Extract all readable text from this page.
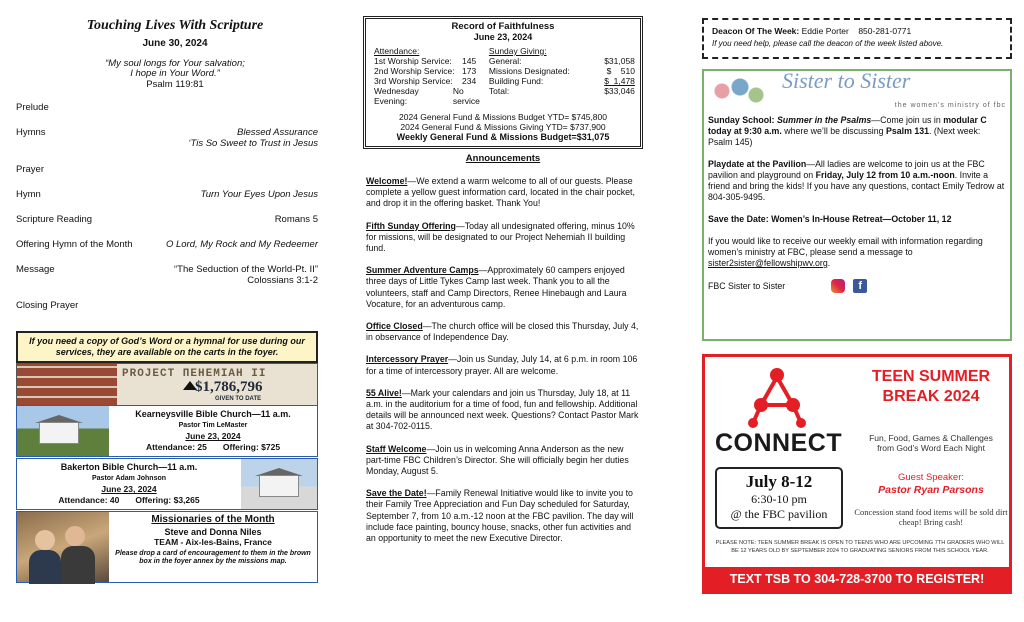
Touching Lives With Scripture
June 30, 2024
“My soul longs for Your salvation;
I hope in Your Word.”
Psalm 119:81
Prelude
Hymns	Blessed Assurance
‘Tis So Sweet to Trust in Jesus
Prayer
Hymn	Turn Your Eyes Upon Jesus
Scripture Reading	Romans 5
Offering Hymn of the Month	O Lord, My Rock and My Redeemer
Message	“The Seduction of the World-Pt. II”
Colossians 3:1-2
Closing Prayer
If you need a copy of God’s Word or a hymnal for use during our services, they are available on the carts in the foyer.
PROJECT ΠΕΗΕMIAH II
$1,786,796
GIVEN TO DATE
Kearneysville Bible Church—11 a.m.
Pastor Tim LeMaster
June 23, 2024
Attendance: 25 Offering: $725
Bakerton Bible Church—11 a.m.
Pastor Adam Johnson
June 23, 2024
Attendance: 40 Offering: $3,265
Missionaries of the Month
Steve and Donna Niles
TEAM - Aix-les-Bains, France
Please drop a card of encouragement to them in the brown box in the foyer annex by the missions map.
Record of Faithfulness
June 23, 2024
Attendance:
1st Worship Service:	145
2nd Worship Service: 173
3rd Worship Service:	234
Wednesday Evening:
No service
Sunday Giving:
General:	$31,058
Missions Designated:	$    510
Building Fund:	$  1,478
Total:	$33,046
2024 General Fund & Missions Budget YTD= $745,800
2024 General Fund & Missions Giving YTD= $737,900
Weekly General Fund & Missions Budget=$31,075
Announcements
Welcome!—We extend a warm welcome to all of our guests. Please complete a yellow guest information card, located in the chair pocket, and drop it in the offering basket. Thank You!
Fifth Sunday Offering—Today all undesignated offering, minus 10% for missions, will be designated to our Project Nehemiah II building fund.
Summer Adventure Camps—Approximately 60 campers enjoyed three days of Little Tykes Camp last week. Thank you to all the volunteers, staff and Camp Directors, Renee Hinebaugh and Laura Vocature, for an adventurous camp.
Office Closed—The church office will be closed this Thursday, July 4, in observance of Independence Day.
Intercessory Prayer—Join us Sunday, July 14, at 6 p.m. in room 106 for a time of intercessory prayer. All are welcome.
55 Alive!—Mark your calendars and join us Thursday, July 18, at 11 a.m. in the auditorium for a time of food, fun and fellowship. Additional details will be announced next week. Questions? Contact Pastor Mark at 304-702-0115.
Staff Welcome—Join us in welcoming Anna Anderson as the new part-time FBC Children’s Director. She will officially begin her duties Monday, August 5.
Save the Date!—Family Renewal Initiative would like to invite you to their Family Tree Appreciation and Fun Day scheduled for Saturday, September 7, from 10 a.m.-12 noon at the FBC pavilion. The day will include face painting, bouncy house, snacks, other fun activities and an opportunity to meet the new Executive Director.
Deacon Of The Week: Eddie Porter 850-281-0771
If you need help, please call the deacon of the week listed above.
Sister to Sister
the women's ministry of fbc

Sunday School: Summer in the Psalms—Come join us in modular C today at 9:30 a.m. where we’ll be discussing Psalm 131. (Next week: Psalm 145)

Playdate at the Pavilion—All ladies are welcome to join us at the FBC pavilion and playground on Friday, July 12 from 10 a.m.-noon. Invite a friend and bring the kids! If you have any questions, contact Emily Tedrow at 804-305-9495.

Save the Date: Women’s In-House Retreat—October 11, 12

If you would like to receive our weekly email with information regarding women’s ministry at FBC, please send a message to sister2sister@fellowshipwv.org.

FBC Sister to Sister	f
CONNECT
TEEN SUMMER
BREAK 2024
Fun, Food, Games & Challenges
from God’s Word Each Night
July 8-12
6:30-10 pm
@ the FBC pavilion
Guest Speaker:
Pastor Ryan Parsons
Concession stand food items will be sold dirt cheap! Bring cash!
PLEASE NOTE: TEEN SUMMER BREAK IS OPEN TO TEENS WHO ARE UPCOMING 7TH GRADERS WHO WILL BE 12 YEARS OLD BY SEPTEMBER 2024 TO GRADUATING SENIORS FROM THIS SCHOOL YEAR.
TEXT TSB TO 304-728-3700 TO REGISTER!
